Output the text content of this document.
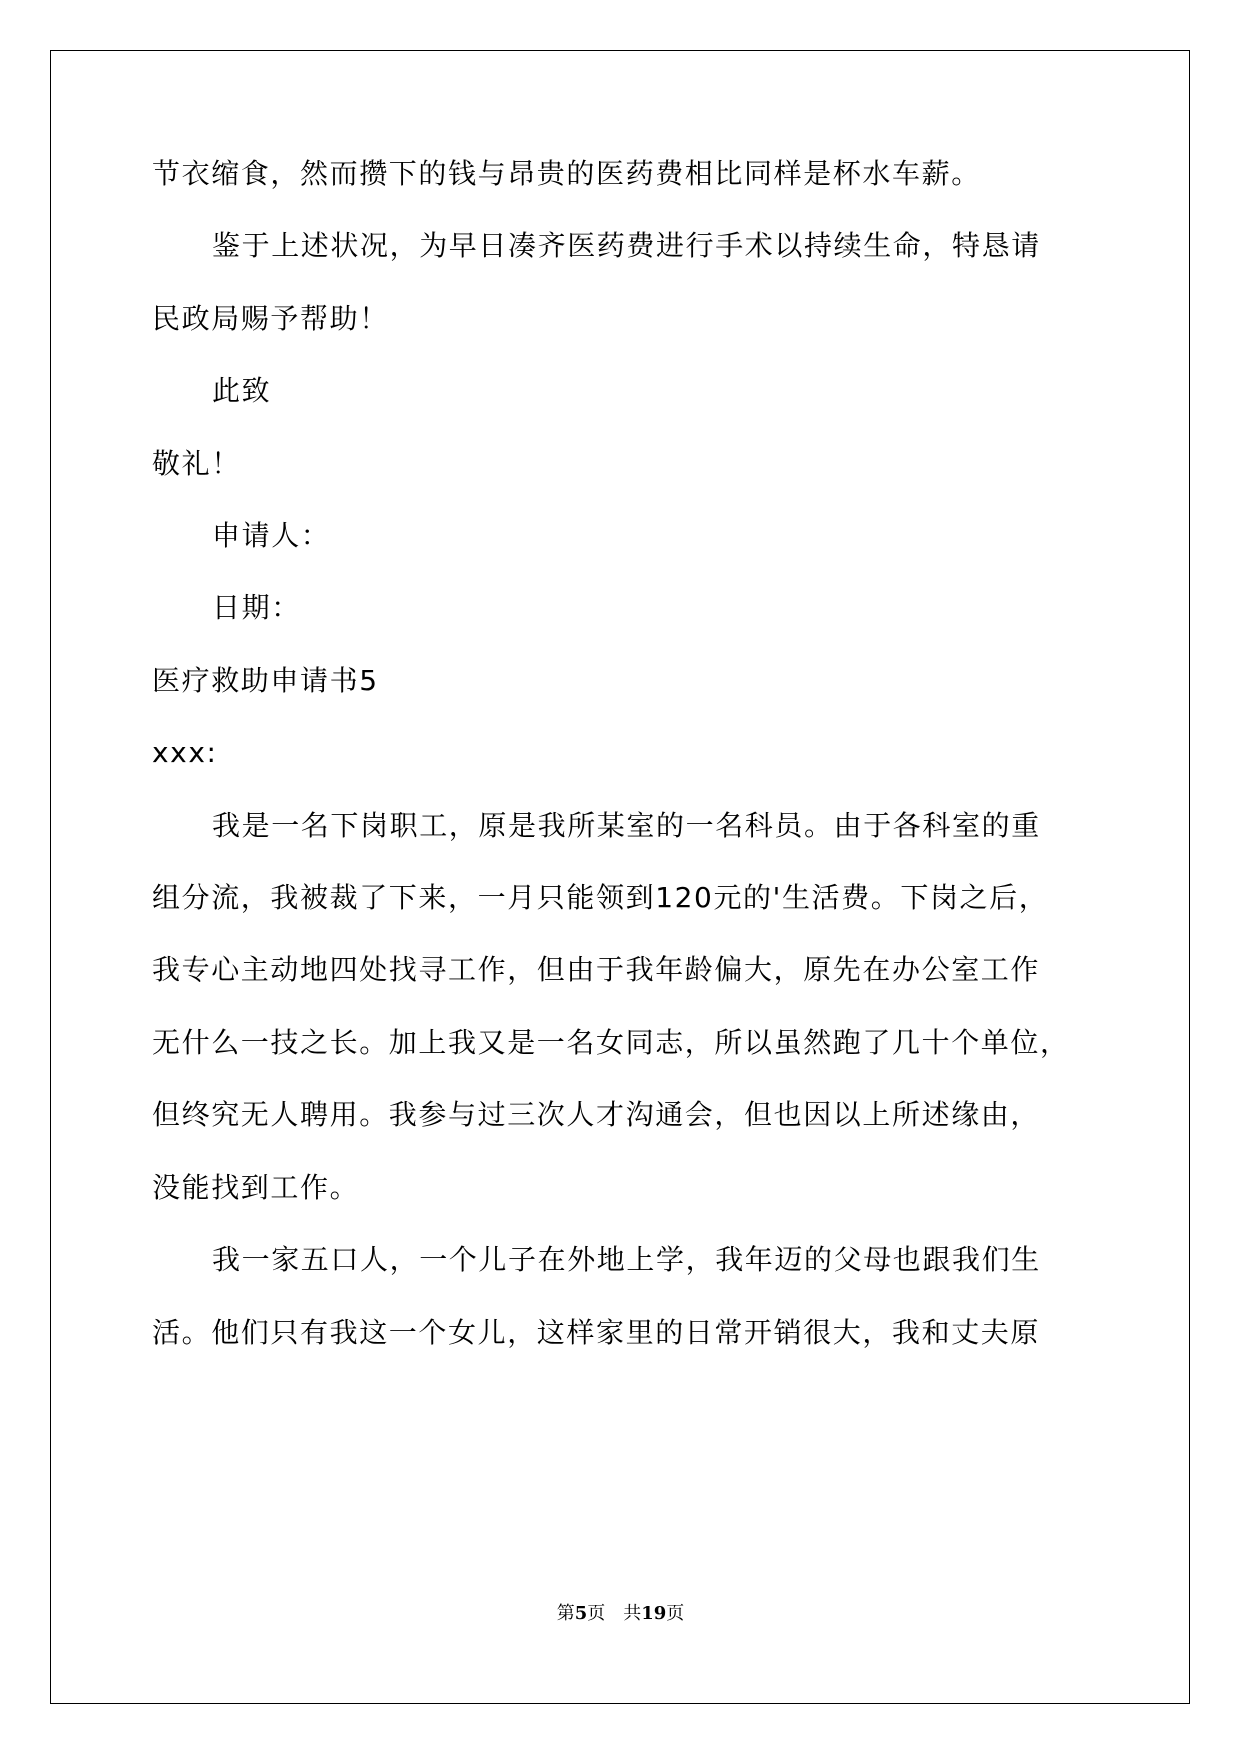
节衣缩食，然而攒下的钱与昂贵的医药费相比同样是杯水车薪。

鉴于上述状况，为早日凑齐医药费进行手术以持续生命，特恳请

民政局赐予帮助！

此致

敬礼！

申请人：

日期：

医疗救助申请书5

xxx:

我是一名下岗职工，原是我所某室的一名科员。由于各科室的重

组分流，我被裁了下来，一月只能领到120元的'生活费。下岗之后，

我专心主动地四处找寻工作，但由于我年龄偏大，原先在办公室工作

无什么一技之长。加上我又是一名女同志，所以虽然跑了几十个单位，

但终究无人聘用。我参与过三次人才沟通会，但也因以上所述缘由，

没能找到工作。

我一家五口人，一个儿子在外地上学，我年迈的父母也跟我们生

活。他们只有我这一个女儿，这样家里的日常开销很大，我和丈夫原

第5页 共19页
